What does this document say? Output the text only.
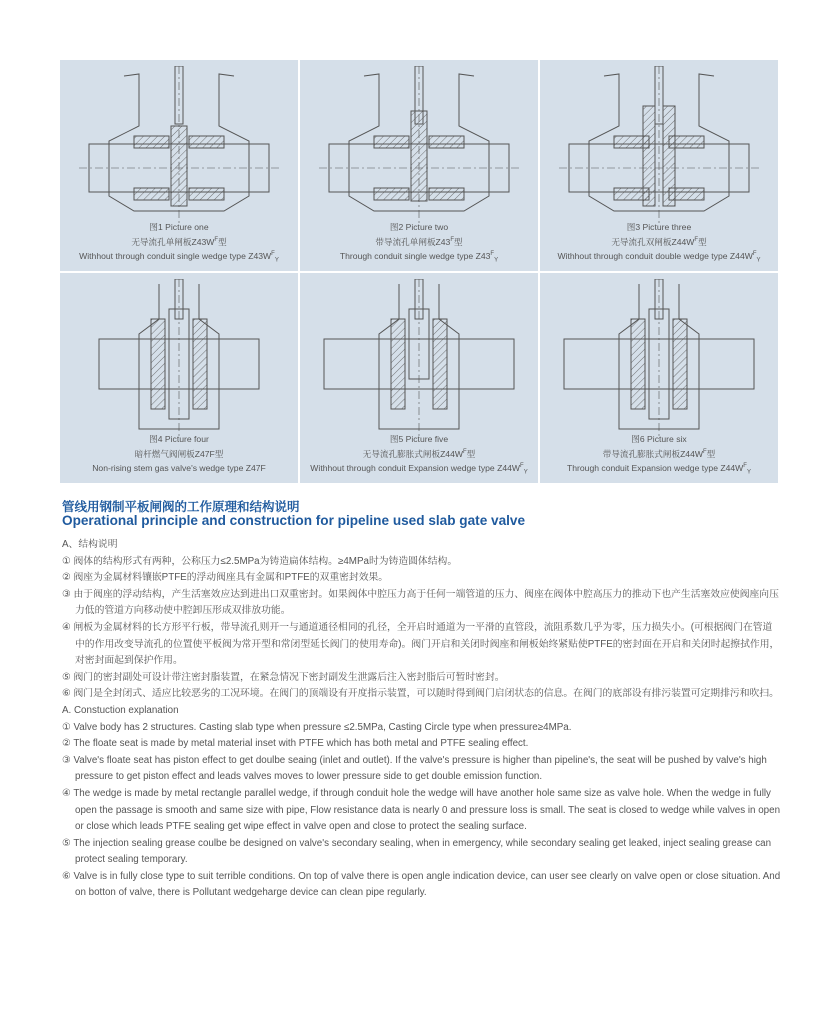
图1 Picture one
无导流孔单闸板$Z43W^F$型
Withhout through conduit single wedge type $Z43W^F_Y$
图2 Picture two
带导流孔单闸板$Z43^F$型
Through conduit single wedge type $Z43^F_Y$
图3 Picture three
无导流孔双闸板$Z44W^F$型
Withhout through conduit double wedge type $Z44W^F_Y$
图4 Picture four
暗杆燃气阀闸板Z47F型
Non-rising stem gas valve's wedge type Z47F
图5 Picture five
无导流孔膨胀式闸板$Z44W^F$型
Withhout through conduit Expansion wedge type $Z44W^F_Y$
图6 Picture six
带导流孔膨胀式闸板$Z44W^F$型
Through conduit Expansion wedge type $Z44W^F_Y$
管线用钢制平板闸阀的工作原理和结构说明
Operational principle and construction for pipeline used slab gate valve

A、结构说明

① 阀体的结构形式有两种，公称压力≤2.5MPa为铸造扁体结构。≥4MPa时为铸造圆体结构。

② 阀座为金属材料镶嵌PTFE的浮动阀座具有金属和PTFE的双重密封效果。

③ 由于阀座的浮动结构，产生活塞效应达到进出口双重密封。如果阀体中腔压力高于任何一端管道的压力、阀座在阀体中腔高压力的推动下也产生活塞效应使阀座向压力低的管道方向移动使中腔卸压形成双排放功能。

④ 闸板为金属材料的长方形平行板，带导流孔则开一与通道通径相同的孔径，全开启时通道为一平滑的直管段，流阻系数几乎为零，压力损失小。(可根据阀门在管道中的作用改变导流孔的位置使平板阀为常开型和常闭型延长阀门的使用寿命)。阀门开启和关闭时阀座和闸板始终紧贴使PTFE的密封面在开启和关闭时起擦拭作用，对密封面起到保护作用。

⑤ 阀门的密封副处可设计带注密封脂装置，在紧急情况下密封副发生泄露后注入密封脂后可暂时密封。

⑥ 阀门是全封闭式、适应比较恶劣的工况环境。在阀门的顶端设有开度指示装置，可以随时得到阀门启闭状态的信息。在阀门的底部设有排污装置可定期排污和吹扫。

A. Constuction explanation

① Valve body has 2 structures. Casting slab type when pressure ≤2.5MPa, Casting Circle type when pressure≥4MPa.

② The floate seat is made by metal material inset with PTFE which has both metal and PTFE sealing effect.

③ Valve's floate seat has piston effect to get doulbe seaing (inlet and outlet). If the valve's pressure is higher than pipeline's, the seat will be pushed by valve's high pressure to get piston effect and leads valves moves to lower pressure side to get double emission function.

④ The wedge is made by metal rectangle parallel wedge, if through conduit hole the wedge will have another hole same size as valve hole. When the wedge in fully open the passage is smooth and same size with pipe, Flow resistance data is nearly 0 and pressure loss is small. The seat is closed to wedge while valves in open or close which leads PTFE sealing get wipe effect in valve open and close to protect the sealing surface.

⑤ The injection sealing grease coulbe be designed on valve's secondary sealing, when in emergency, while secondary sealing get leaked, inject sealing grease can protect sealing temporary.

⑥ Valve is in fully close type to suit terrible conditions. On top of valve there is open angle indication device, can user see clearly on valve open or close situation. And on botton of valve, there is Pollutant wedgeharge device can clean pipe regularly.
